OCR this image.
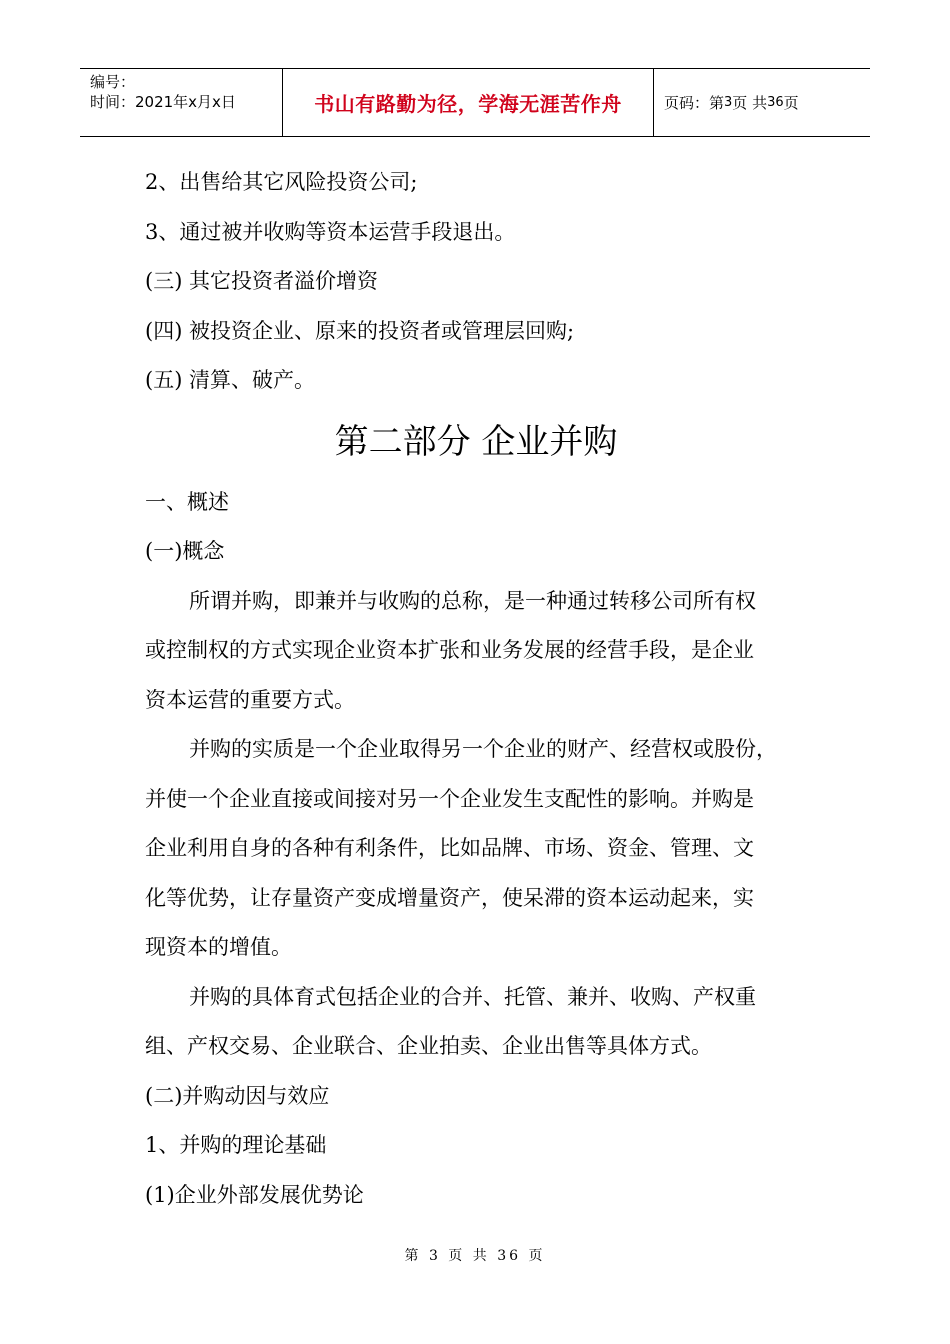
编号：
时间：2021年x月x日	书山有路勤为径，学海无涯苦作舟	页码：第 3 页 共 36 页
2、出售给其它风险投资公司;
3、通过被并收购等资本运营手段退出。
(三) 其它投资者溢价增资
(四) 被投资企业、原来的投资者或管理层回购;
(五) 清算、破产。
第二部分 企业并购
一、概述
(一)概念
所谓并购，即兼并与收购的总称，是一种通过转移公司所有权
或控制权的方式实现企业资本扩张和业务发展的经营手段，是企业
资本运营的重要方式。
并购的实质是一个企业取得另一个企业的财产、经营权或股份，
并使一个企业直接或间接对另一个企业发生支配性的影响。并购是
企业利用自身的各种有利条件，比如品牌、市场、资金、管理、文
化等优势，让存量资产变成增量资产，使呆滞的资本运动起来，实
现资本的增值。
并购的具体育式包括企业的合并、托管、兼并、收购、产权重
组、产权交易、企业联合、企业拍卖、企业出售等具体方式。
(二)并购动因与效应
1、并购的理论基础
(1)企业外部发展优势论
第 3 页 共 36 页
